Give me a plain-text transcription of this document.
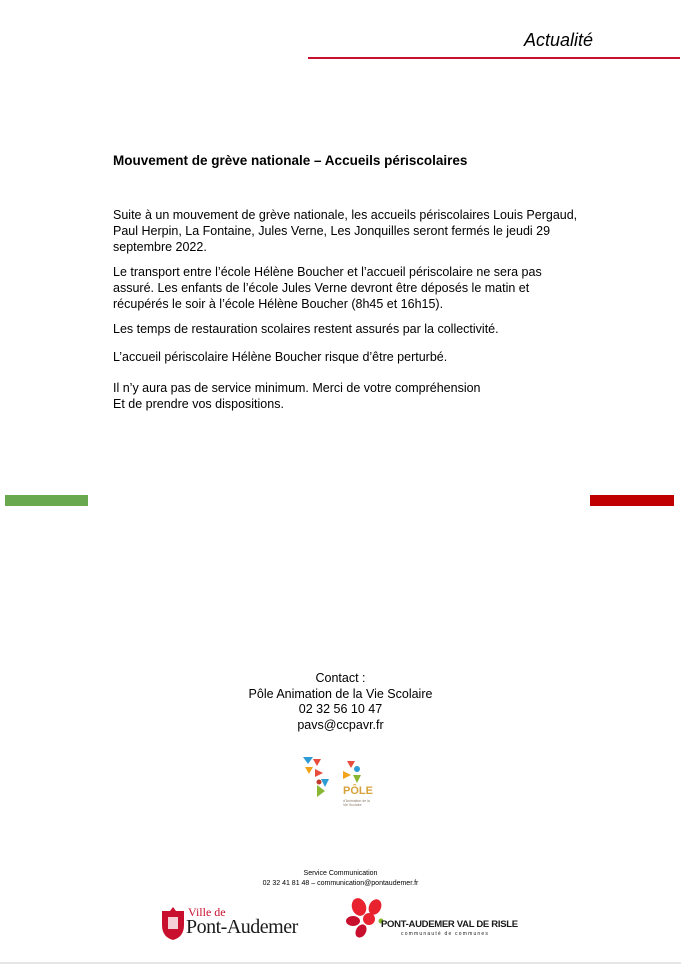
Actualité
Mouvement de grève nationale – Accueils périscolaires

Suite à un mouvement de grève nationale, les accueils périscolaires Louis Pergaud, Paul Herpin, La Fontaine, Jules Verne, Les Jonquilles seront fermés le jeudi 29 septembre 2022.

Le transport entre l’école Hélène Boucher et l’accueil périscolaire ne sera pas assuré. Les enfants de l’école Jules Verne devront être déposés le matin et récupérés le soir à l’école Hélène Boucher (8h45 et 16h15).

Les temps de restauration scolaires restent assurés par la collectivité.

L’accueil périscolaire Hélène Boucher risque d’être perturbé.

Il n’y aura pas de service minimum. Merci de votre compréhension

Et de prendre vos dispositions.

Contact :
Pôle Animation de la Vie Scolaire
02 32 56 10 47
pavs@ccpavr.fr
PÔLE
d’Animation de la Vie Scolaire
Service Communication
02 32 41 81 48 – communication@pontaudemer.fr
Ville de
Pont-Audemer	PONT-AUDEMER VAL DE RISLE
communauté de communes
